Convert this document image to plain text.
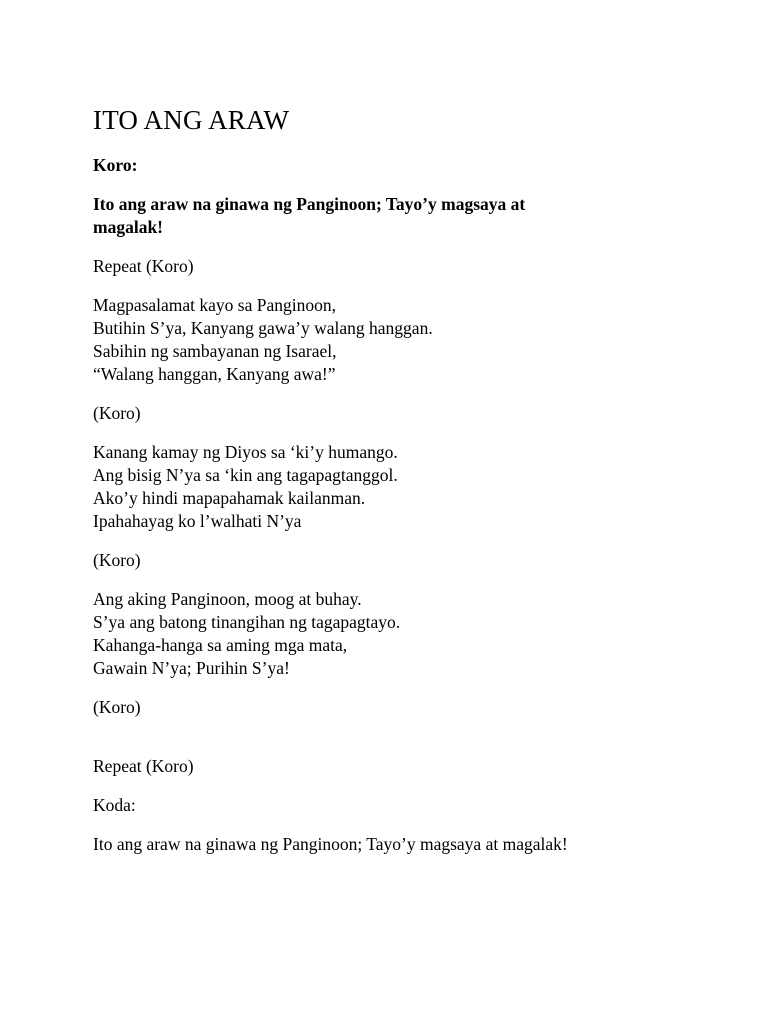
ITO ANG ARAW

Koro:

Ito ang araw na ginawa ng Panginoon; Tayo’y magsaya at
magalak!

Repeat (Koro)

Magpasalamat kayo sa Panginoon,
Butihin S’ya, Kanyang gawa’y walang hanggan.
Sabihin ng sambayanan ng Isarael,
“Walang hanggan, Kanyang awa!”

(Koro)

Kanang kamay ng Diyos sa ‘ki’y humango.
Ang bisig N’ya sa ‘kin ang tagapagtanggol.
Ako’y hindi mapapahamak kailanman.
Ipahahayag ko l’walhati N’ya

(Koro)

Ang aking Panginoon, moog at buhay.
S’ya ang batong tinangihan ng tagapagtayo.
Kahanga-hanga sa aming mga mata,
Gawain N’ya; Purihin S’ya!

(Koro)

Repeat (Koro)

Koda:

Ito ang araw na ginawa ng Panginoon; Tayo’y magsaya at magalak!
